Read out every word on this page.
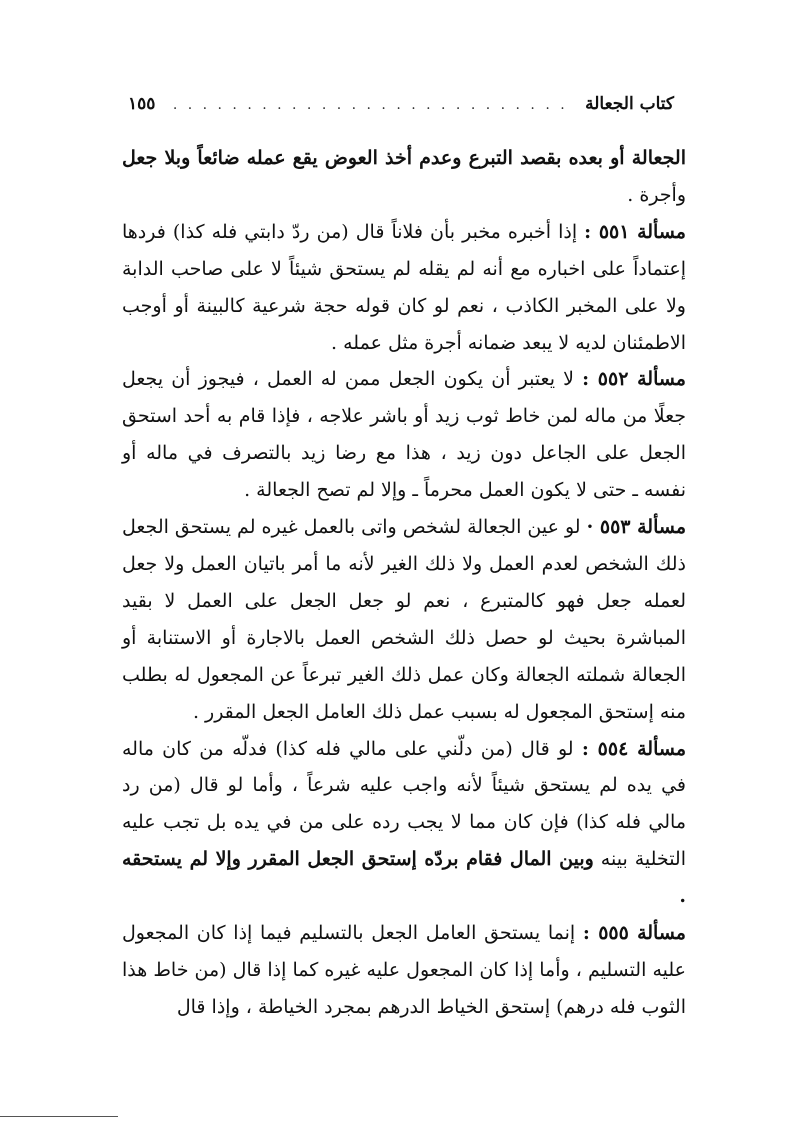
كتاب الجعالة
. . . . . . . . . . . . . . . . . . . . . . . . . . .
١٥٥

الجعالة أو بعده بقصد التبرع وعدم أخذ العوض يقع عمله ضائعاً وبلا جعل وأجرة .

مسألة ٥٥١ : إذا أخبره مخبر بأن فلاناً قال (من ردّ دابتي فله كذا) فردها إعتماداً على اخباره مع أنه لم يقله لم يستحق شيئاً لا على صاحب الدابة ولا على المخبر الكاذب ، نعم لو كان قوله حجة شرعية كالبينة أو أوجب الاطمئنان لديه لا يبعد ضمانه أجرة مثل عمله .

مسألة ٥٥٢ : لا يعتبر أن يكون الجعل ممن له العمل ، فيجوز أن يجعل جعلًا من ماله لمن خاط ثوب زيد أو باشر علاجه ، فإذا قام به أحد استحق الجعل على الجاعل دون زيد ، هذا مع رضا زيد بالتصرف في ماله أو نفسه ـ حتى لا يكون العمل محرماً ـ وإلا لم تصح الجعالة .

مسألة ٥٥٣ · لو عين الجعالة لشخص واتى بالعمل غيره لم يستحق الجعل ذلك الشخص لعدم العمل ولا ذلك الغير لأنه ما أمر باتيان العمل ولا جعل لعمله جعل فهو كالمتبرع ، نعم لو جعل الجعل على العمل لا بقيد المباشرة بحيث لو حصل ذلك الشخص العمل بالاجارة أو الاستنابة أو الجعالة شملته الجعالة وكان عمل ذلك الغير تبرعاً عن المجعول له بطلب منه إستحق المجعول له بسبب عمل ذلك العامل الجعل المقرر .

مسألة ٥٥٤ : لو قال (من دلّني على مالي فله كذا) فدلّه من كان ماله في يده لم يستحق شيئاً لأنه واجب عليه شرعاً ، وأما لو قال (من رد مالي فله كذا) فإن كان مما لا يجب رده على من في يده بل تجب عليه التخلية بينه وبين المال فقام بردّه إستحق الجعل المقرر وإلا لم يستحقه .

مسألة ٥٥٥ : إنما يستحق العامل الجعل بالتسليم فيما إذا كان المجعول عليه التسليم ، وأما إذا كان المجعول عليه غيره كما إذا قال (من خاط هذا الثوب فله درهم) إستحق الخياط الدرهم بمجرد الخياطة ، وإذا قال
